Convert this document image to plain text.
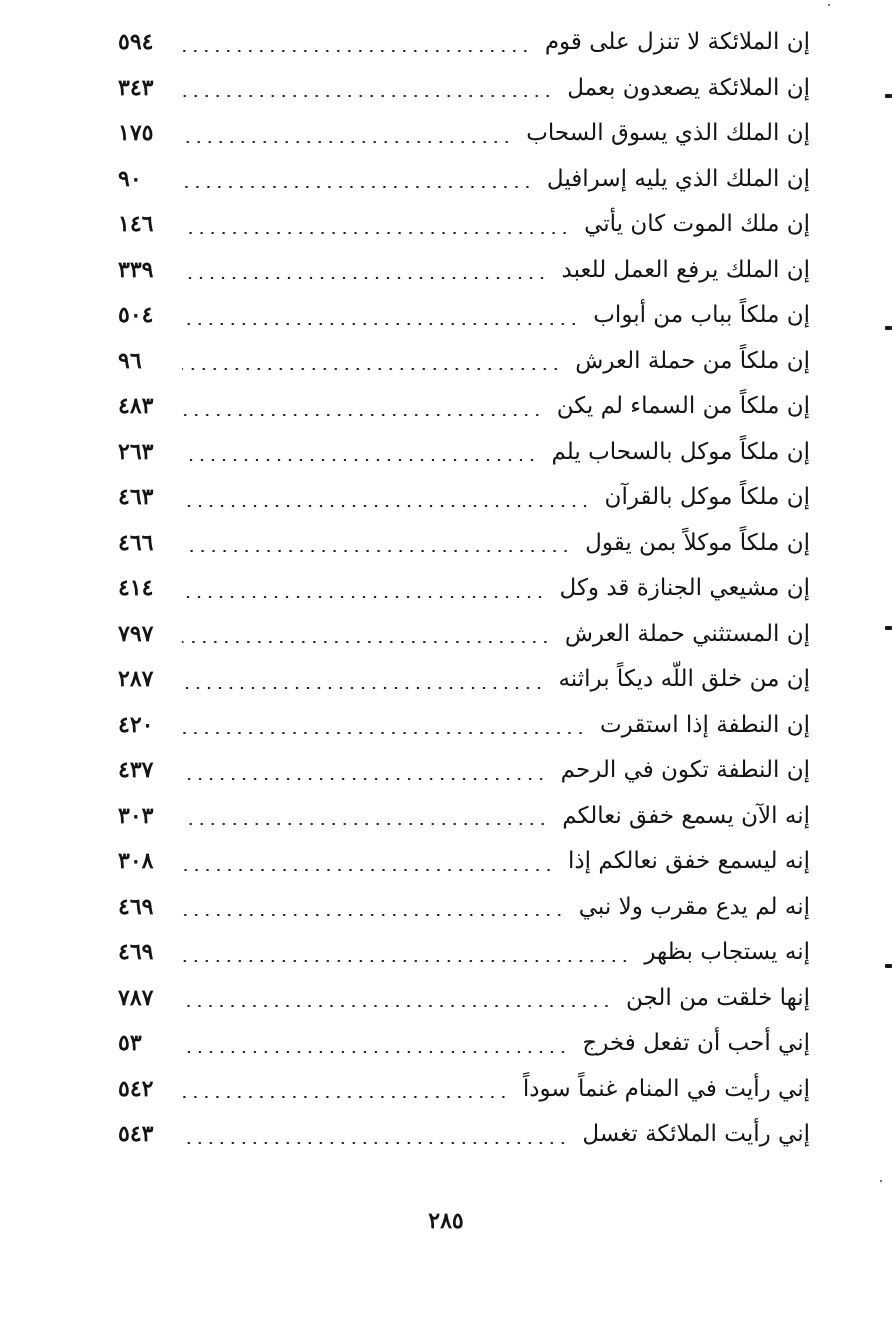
إن الملائكة لا تنزل على قوم
٥٩٤
إن الملائكة يصعدون بعمل
٣٤٣
إن الملك الذي يسوق السحاب
١٧٥
إن الملك الذي يليه إسرافيل
٩٠
إن ملك الموت كان يأتي
١٤٦
إن الملك يرفع العمل للعبد
٣٣٩
إن ملكاً بباب من أبواب
٥٠٤
إن ملكاً من حملة العرش
٩٦
إن ملكاً من السماء لم يكن
٤٨٣
إن ملكاً موكل بالسحاب يلم
٢٦٣
إن ملكاً موكل بالقرآن
٤٦٣
إن ملكاً موكلاً بمن يقول
٤٦٦
إن مشيعي الجنازة قد وكل
٤١٤
إن المستثني حملة العرش
٧٩٧
إن من خلق اللّه ديكاً براثنه
٢٨٧
إن النطفة إذا استقرت
٤٢٠
إن النطفة تكون في الرحم
٤٣٧
إنه الآن يسمع خفق نعالكم
٣٠٣
إنه ليسمع خفق نعالكم إذا
٣٠٨
إنه لم يدع مقرب ولا نبي
٤٦٩
إنه يستجاب بظهر
٤٦٩
إنها خلقت من الجن
٧٨٧
إني أحب أن تفعل فخرج
٥٣
إني رأيت في المنام غنماً سوداً
٥٤٢
إني رأيت الملائكة تغسل
٥٤٣
٢٨٥
